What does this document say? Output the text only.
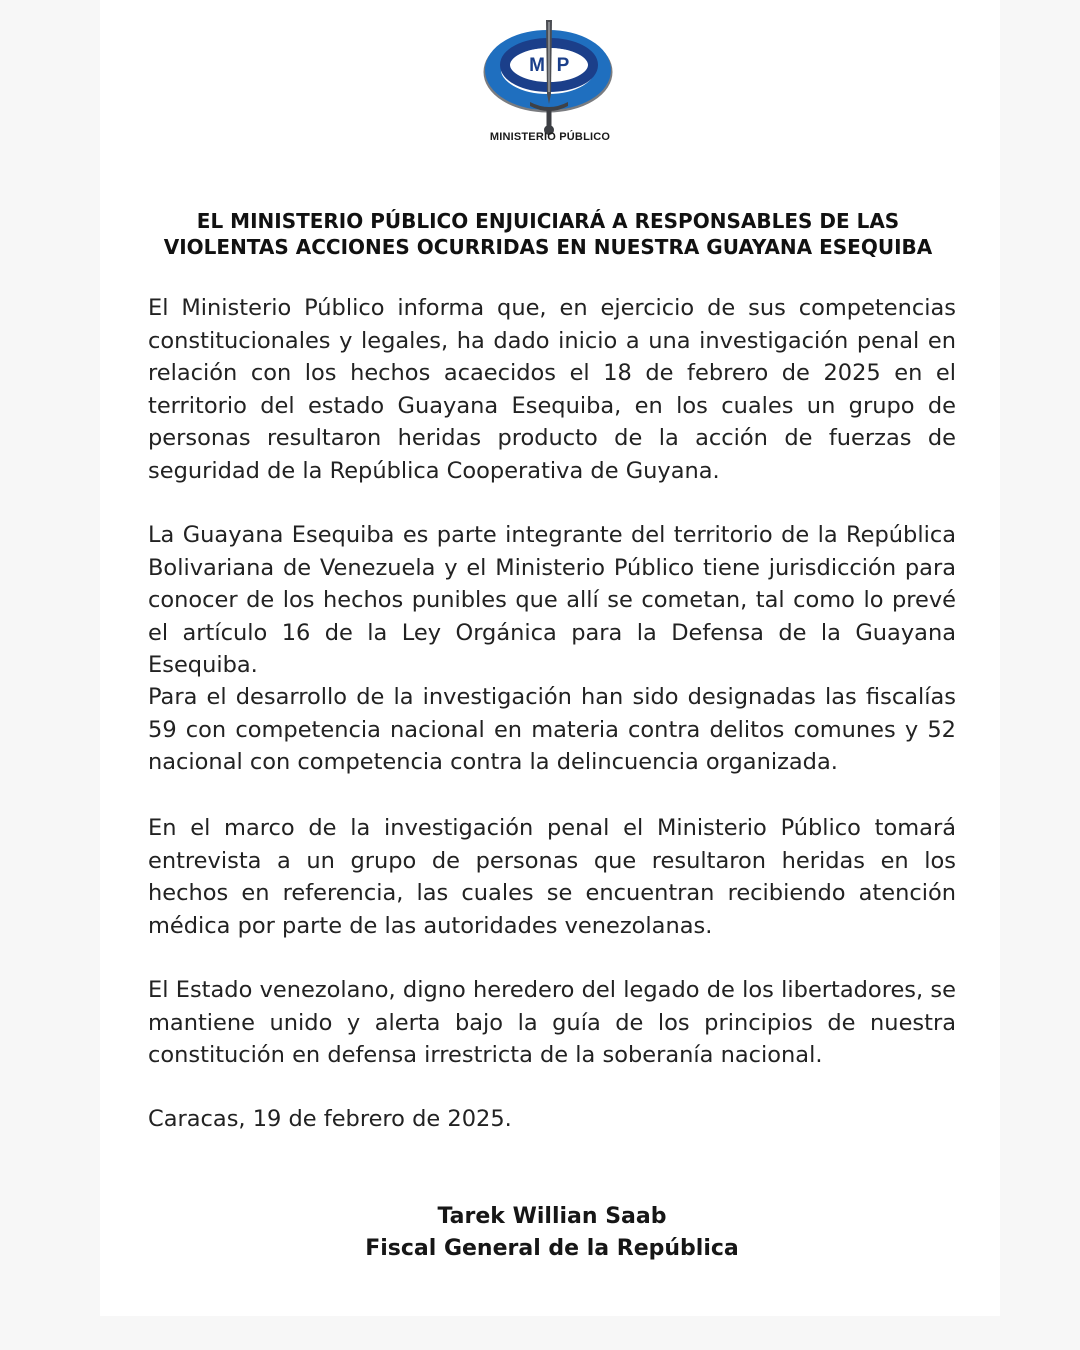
M P
MINISTERIO PÚBLICO
EL MINISTERIO PÚBLICO ENJUICIARÁ A RESPONSABLES DE LAS
VIOLENTAS ACCIONES OCURRIDAS EN NUESTRA GUAYANA ESEQUIBA

El Ministerio Público informa que, en ejercicio de sus competencias constitucionales y legales, ha dado inicio a una investigación penal en relación con los hechos acaecidos el 18 de febrero de 2025 en el territorio del estado Guayana Esequiba, en los cuales un grupo de personas resultaron heridas producto de la acción de fuerzas de seguridad de la República Cooperativa de Guyana.

La Guayana Esequiba es parte integrante del territorio de la República Bolivariana de Venezuela y el Ministerio Público tiene jurisdicción para conocer de los hechos punibles que allí se cometan, tal como lo prevé el artículo 16 de la Ley Orgánica para la Defensa de la Guayana Esequiba.

Para el desarrollo de la investigación han sido designadas las fiscalías 59 con competencia nacional en materia contra delitos comunes y 52 nacional con competencia contra la delincuencia organizada.

En el marco de la investigación penal el Ministerio Público tomará entrevista a un grupo de personas que resultaron heridas en los hechos en referencia, las cuales se encuentran recibiendo atención médica por parte de las autoridades venezolanas.

El Estado venezolano, digno heredero del legado de los libertadores, se mantiene unido y alerta bajo la guía de los principios de nuestra constitución en defensa irrestricta de la soberanía nacional.

Caracas, 19 de febrero de 2025.

Tarek Willian Saab
Fiscal General de la República
